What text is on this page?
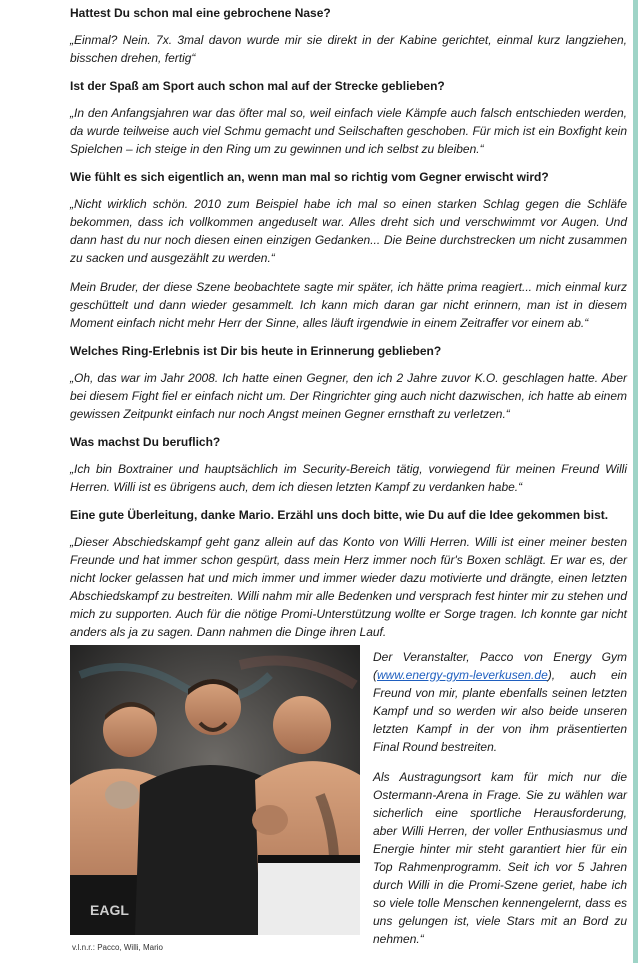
Hattest Du schon mal eine gebrochene Nase?

„Einmal? Nein. 7x. 3mal davon wurde mir sie direkt in der Kabine gerichtet, einmal kurz langziehen, bisschen drehen, fertig“

Ist der Spaß am Sport auch schon mal auf der Strecke geblieben?

„In den Anfangsjahren war das öfter mal so, weil einfach viele Kämpfe auch falsch entschieden werden, da wurde teilweise auch viel Schmu gemacht und Seilschaften geschoben. Für mich ist ein Boxfight kein Spielchen – ich steige in den Ring um zu gewinnen und ich selbst zu bleiben.“

Wie fühlt es sich eigentlich an, wenn man mal so richtig vom Gegner erwischt wird?

„Nicht wirklich schön. 2010 zum Beispiel habe ich mal so einen starken Schlag gegen die Schläfe bekommen, dass ich vollkommen angeduselt war. Alles dreht sich und verschwimmt vor Augen. Und dann hast du nur noch diesen einen einzigen Gedanken... Die Beine durchstrecken um nicht zusammen zu sacken und ausgezählt zu werden.“

Mein Bruder, der diese Szene beobachtete sagte mir später, ich hätte prima reagiert... mich einmal kurz geschüttelt und dann wieder gesammelt. Ich kann mich daran gar nicht erinnern, man ist in diesem Moment einfach nicht mehr Herr der Sinne, alles läuft irgendwie in einem Zeitraffer vor einem ab.“

Welches Ring-Erlebnis ist Dir bis heute in Erinnerung geblieben?

„Oh, das war im Jahr 2008. Ich hatte einen Gegner, den ich 2 Jahre zuvor K.O. geschlagen hatte. Aber bei diesem Fight fiel er einfach nicht um. Der Ringrichter ging auch nicht dazwischen, ich hatte ab einem gewissen Zeitpunkt einfach nur noch Angst meinen Gegner ernsthaft zu verletzen.“

Was machst Du beruflich?

„Ich bin Boxtrainer und hauptsächlich im Security-Bereich tätig, vorwiegend für meinen Freund Willi Herren. Willi ist es übrigens auch, dem ich diesen letzten Kampf zu verdanken habe.“

Eine gute Überleitung, danke Mario. Erzähl uns doch bitte, wie Du auf die Idee gekommen bist.

„Dieser Abschiedskampf geht ganz allein auf das Konto von Willi Herren. Willi ist einer meiner besten Freunde und hat immer schon gespürt, dass mein Herz immer noch für's Boxen schlägt. Er war es, der nicht locker gelassen hat und mich immer und immer wieder dazu motivierte und drängte, einen letzten Abschiedskampf zu bestreiten. Willi nahm mir alle Bedenken und versprach fest hinter mir zu stehen und mich zu supporten. Auch für die nötige Promi-Unterstützung wollte er Sorge tragen. Ich konnte gar nicht anders als ja zu sagen. Dann nahmen die Dinge ihren Lauf.

EAGL

Der Veranstalter, Pacco von Energy Gym (www.energy-gym-leverkusen.de), auch ein Freund von mir, plante ebenfalls seinen letzten Kampf und so werden wir also beide unseren letzten Kampf in der von ihm präsentierten Final Round bestreiten.

Als Austragungsort kam für mich nur die Ostermann-Arena in Frage. Sie zu wählen war sicherlich eine sportliche Herausforderung, aber Willi Herren, der voller Enthusiasmus und Energie hinter mir steht garantiert hier für ein Top Rahmenprogramm. Seit ich vor 5 Jahren durch Willi in die Promi-Szene geriet, habe ich so viele tolle Menschen kennengelernt, dass es uns gelungen ist, viele Stars mit an Bord zu nehmen.“

v.l.n.r.: Pacco, Willi, Mario
